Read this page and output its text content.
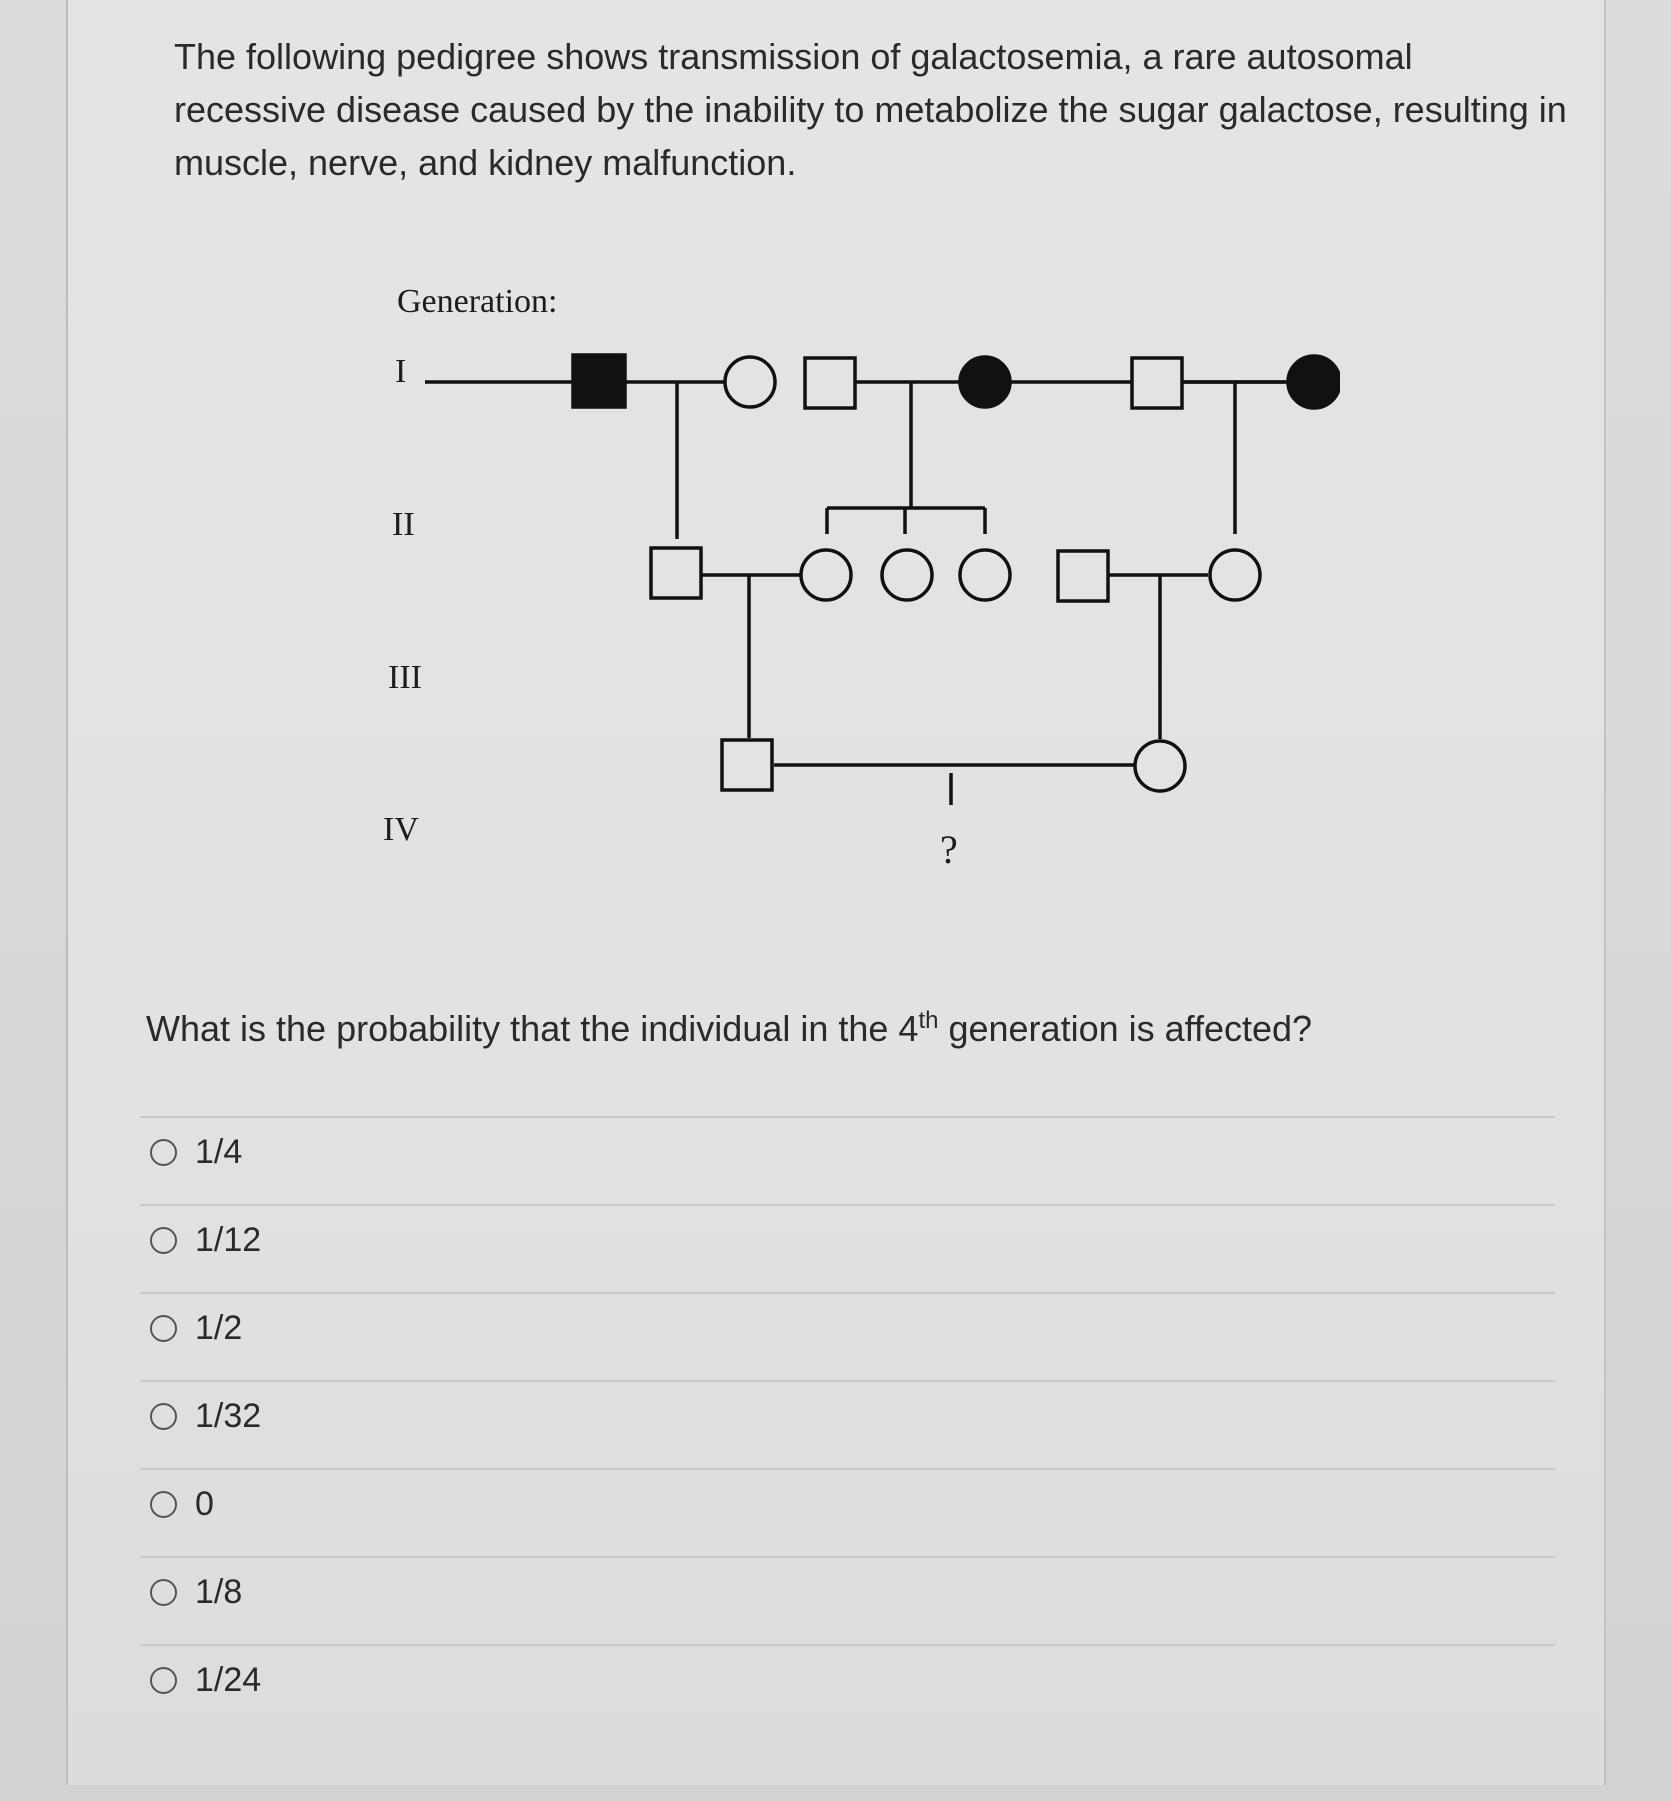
The following pedigree shows transmission of galactosemia, a rare autosomal recessive disease caused by the inability to metabolize the sugar galactose, resulting in muscle, nerve, and kidney malfunction.

Generation:
I
II
III
IV	?

What is the probability that the individual in the 4th generation is affected?

1/4
1/12
1/2
1/32
0
1/8
1/24
